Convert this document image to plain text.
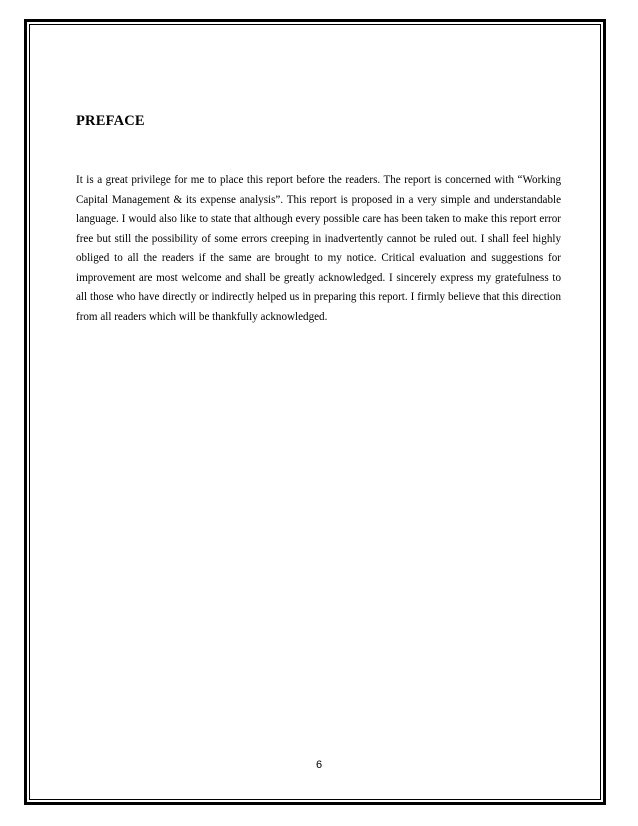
PREFACE

It is a great privilege for me to place this report before the readers. The report is concerned with “Working Capital Management & its expense analysis”. This report is proposed in a very simple and understandable language. I would also like to state that although every possible care has been taken to make this report error free but still the possibility of some errors creeping in inadvertently cannot be ruled out. I shall feel highly obliged to all the readers if the same are brought to my notice. Critical evaluation and suggestions for improvement are most welcome and shall be greatly acknowledged. I sincerely express my gratefulness to all those who have directly or indirectly helped us in preparing this report. I firmly believe that this direction from all readers which will be thankfully acknowledged.

6
